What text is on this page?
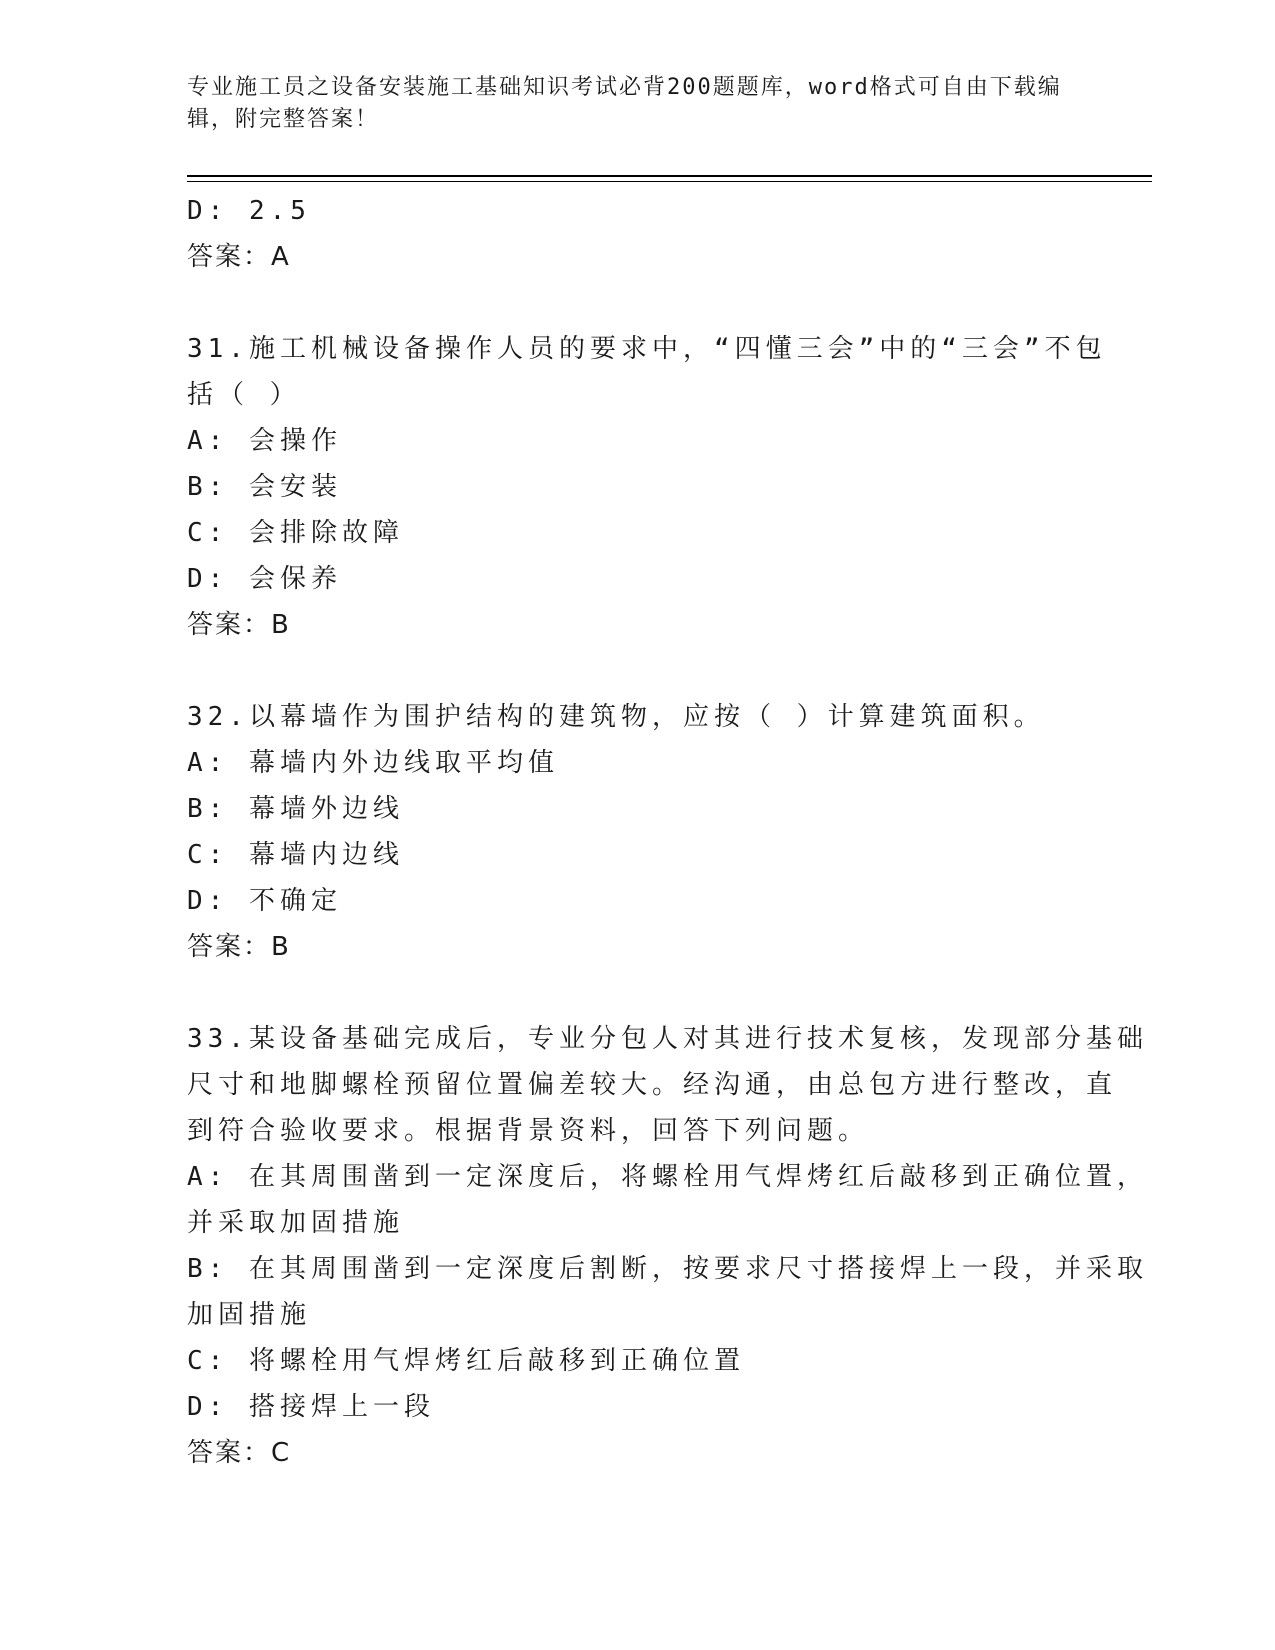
专业施工员之设备安装施工基础知识考试必背200题题库，word格式可自由下载编辑，附完整答案！
D: 2.5
答案：A
31.施工机械设备操作人员的要求中，“四懂三会”中的“三会”不包
括（ ）
A: 会操作
B: 会安装
C: 会排除故障
D: 会保养
答案：B
32.以幕墙作为围护结构的建筑物，应按（ ）计算建筑面积。
A: 幕墙内外边线取平均值
B: 幕墙外边线
C: 幕墙内边线
D: 不确定
答案：B
33.某设备基础完成后，专业分包人对其进行技术复核，发现部分基础
尺寸和地脚螺栓预留位置偏差较大。经沟通，由总包方进行整改，直
到符合验收要求。根据背景资料，回答下列问题。
A: 在其周围凿到一定深度后，将螺栓用气焊烤红后敲移到正确位置，
并采取加固措施
B: 在其周围凿到一定深度后割断，按要求尺寸搭接焊上一段，并采取
加固措施
C: 将螺栓用气焊烤红后敲移到正确位置
D: 搭接焊上一段
答案：C
